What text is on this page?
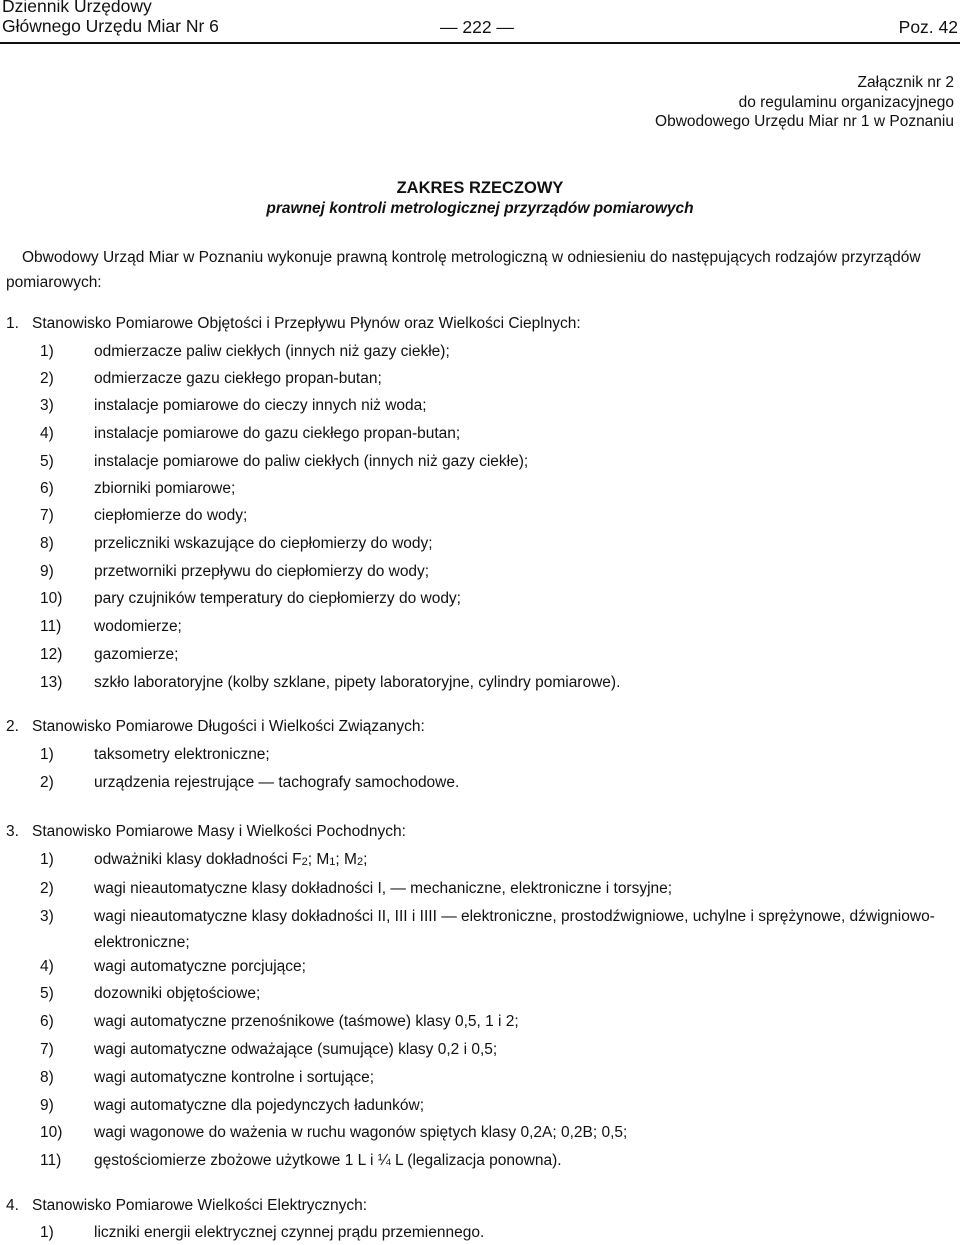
Dziennik Urzędowy
Głównego Urzędu Miar Nr 6	— 222 —	Poz. 42
Załącznik nr 2
do regulaminu organizacyjnego
Obwodowego Urzędu Miar nr 1 w Poznaniu
ZAKRES RZECZOWY
prawnej kontroli metrologicznej przyrządów pomiarowych
Obwodowy Urząd Miar w Poznaniu wykonuje prawną kontrolę metrologiczną w odniesieniu do następujących rodzajów przyrządów pomiarowych:
1. Stanowisko Pomiarowe Objętości i Przepływu Płynów oraz Wielkości Cieplnych:
1)	odmierzacze paliw ciekłych (innych niż gazy ciekłe);
2)	odmierzacze gazu ciekłego propan-butan;
3)	instalacje pomiarowe do cieczy innych niż woda;
4)	instalacje pomiarowe do gazu ciekłego propan-butan;
5)	instalacje pomiarowe do paliw ciekłych (innych niż gazy ciekłe);
6)	zbiorniki pomiarowe;
7)	ciepłomierze do wody;
8)	przeliczniki wskazujące do ciepłomierzy do wody;
9)	przetworniki przepływu do ciepłomierzy do wody;
10) pary czujników temperatury do ciepłomierzy do wody;
11) wodomierze;
12) gazomierze;
13) szkło laboratoryjne (kolby szklane, pipety laboratoryjne, cylindry pomiarowe).
2. Stanowisko Pomiarowe Długości i Wielkości Związanych:
1)	taksometry elektroniczne;
2)	urządzenia rejestrujące — tachografy samochodowe.
3. Stanowisko Pomiarowe Masy i Wielkości Pochodnych:
1)	odważniki klasy dokładności $F_2$; $M_1$; $M_2$;
2)	wagi nieautomatyczne klasy dokładności I, — mechaniczne, elektroniczne i torsyjne;
3)	wagi nieautomatyczne klasy dokładności II, III i IIII — elektroniczne, prostodźwigniowe, uchylne i sprężynowe, dźwigniowo-elektroniczne;
4)	wagi automatyczne porcjujące;
5)	dozowniki objętościowe;
6)	wagi automatyczne przenośnikowe (taśmowe) klasy 0,5, 1 i 2;
7)	wagi automatyczne odważające (sumujące) klasy 0,2 i 0,5;
8)	wagi automatyczne kontrolne i sortujące;
9)	wagi automatyczne dla pojedynczych ładunków;
10) wagi wagonowe do ważenia w ruchu wagonów spiętych klasy 0,2A; 0,2B; 0,5;
11) gęstościomierze zbożowe użytkowe 1 L i ¼ L (legalizacja ponowna).
4. Stanowisko Pomiarowe Wielkości Elektrycznych:
1)	liczniki energii elektrycznej czynnej prądu przemiennego.
